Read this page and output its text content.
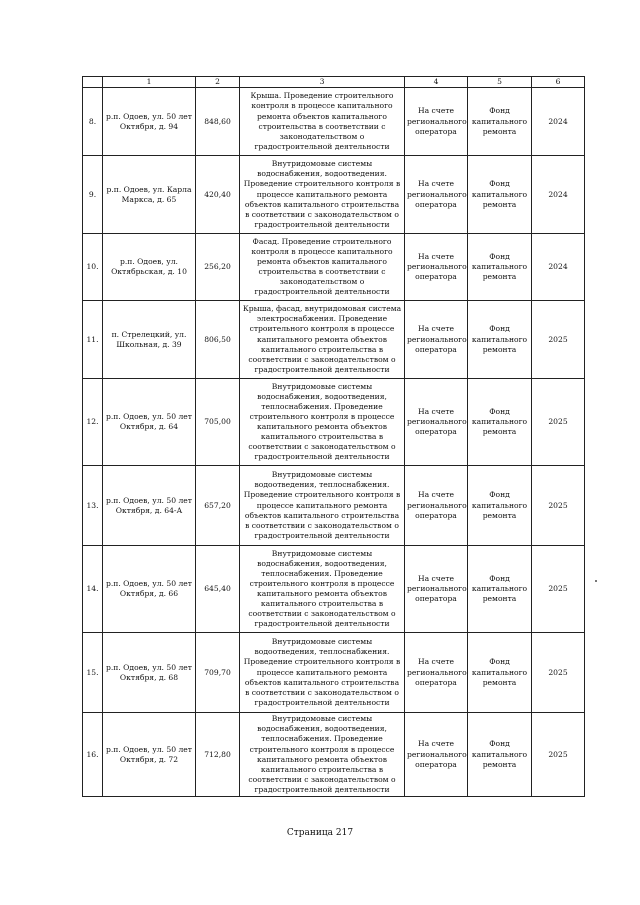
	1	2	3	4	5	6
8.	р.п. Одоев, ул. 50 лет Октября, д. 94	848,60	Крыша. Проведение строительного контроля в процессе капитального ремонта объектов капитального строительства в соответствии с законодательством о градостроительной деятельности	На счете регионального оператора	Фонд капитального ремонта	2024
9.	р.п. Одоев, ул. Карла Маркса, д. 65	420,40	Внутридомовые системы водоснабжения, водоотведения. Проведение строительного контроля в процессе капитального ремонта объектов капитального строительства в соответствии с законодательством о градостроительной деятельности	На счете регионального оператора	Фонд капитального ремонта	2024
10.	р.п. Одоев, ул. Октябрьская, д. 10	256,20	Фасад. Проведение строительного контроля в процессе капитального ремонта объектов капитального строительства в соответствии с законодательством о градостроительной деятельности	На счете регионального оператора	Фонд капитального ремонта	2024
11.	п. Стрелецкий, ул. Школьная, д. 39	806,50	Крыша, фасад, внутридомовая система электроснабжения. Проведение строительного контроля в процессе капитального ремонта объектов капитального строительства в соответствии с законодательством о градостроительной деятельности	На счете регионального оператора	Фонд капитального ремонта	2025
12.	р.п. Одоев, ул. 50 лет Октября, д. 64	705,00	Внутридомовые системы водоснабжения, водоотведения, теплоснабжения. Проведение строительного контроля в процессе капитального ремонта объектов капитального строительства в соответствии с законодательством о градостроительной деятельности	На счете регионального оператора	Фонд капитального ремонта	2025
13.	р.п. Одоев, ул. 50 лет Октября, д. 64-А	657,20	Внутридомовые системы водоотведения, теплоснабжения. Проведение строительного контроля в процессе капитального ремонта объектов капитального строительства в соответствии с законодательством о градостроительной деятельности	На счете регионального оператора	Фонд капитального ремонта	2025
14.	р.п. Одоев, ул. 50 лет Октября, д. 66	645,40	Внутридомовые системы водоснабжения, водоотведения, теплоснабжения. Проведение строительного контроля в процессе капитального ремонта объектов капитального строительства в соответствии с законодательством о градостроительной деятельности	На счете регионального оператора	Фонд капитального ремонта	2025
15.	р.п. Одоев, ул. 50 лет Октября, д. 68	709,70	Внутридомовые системы водоотведения, теплоснабжения. Проведение строительного контроля в процессе капитального ремонта объектов капитального строительства в соответствии с законодательством о градостроительной деятельности	На счете регионального оператора	Фонд капитального ремонта	2025
16.	р.п. Одоев, ул. 50 лет Октября, д. 72	712,80	Внутридомовые системы водоснабжения, водоотведения, теплоснабжения. Проведение строительного контроля в процессе капитального ремонта объектов капитального строительства в соответствии с законодательством о градостроительной деятельности	На счете регионального оператора	Фонд капитального ремонта	2025
Страница 217
